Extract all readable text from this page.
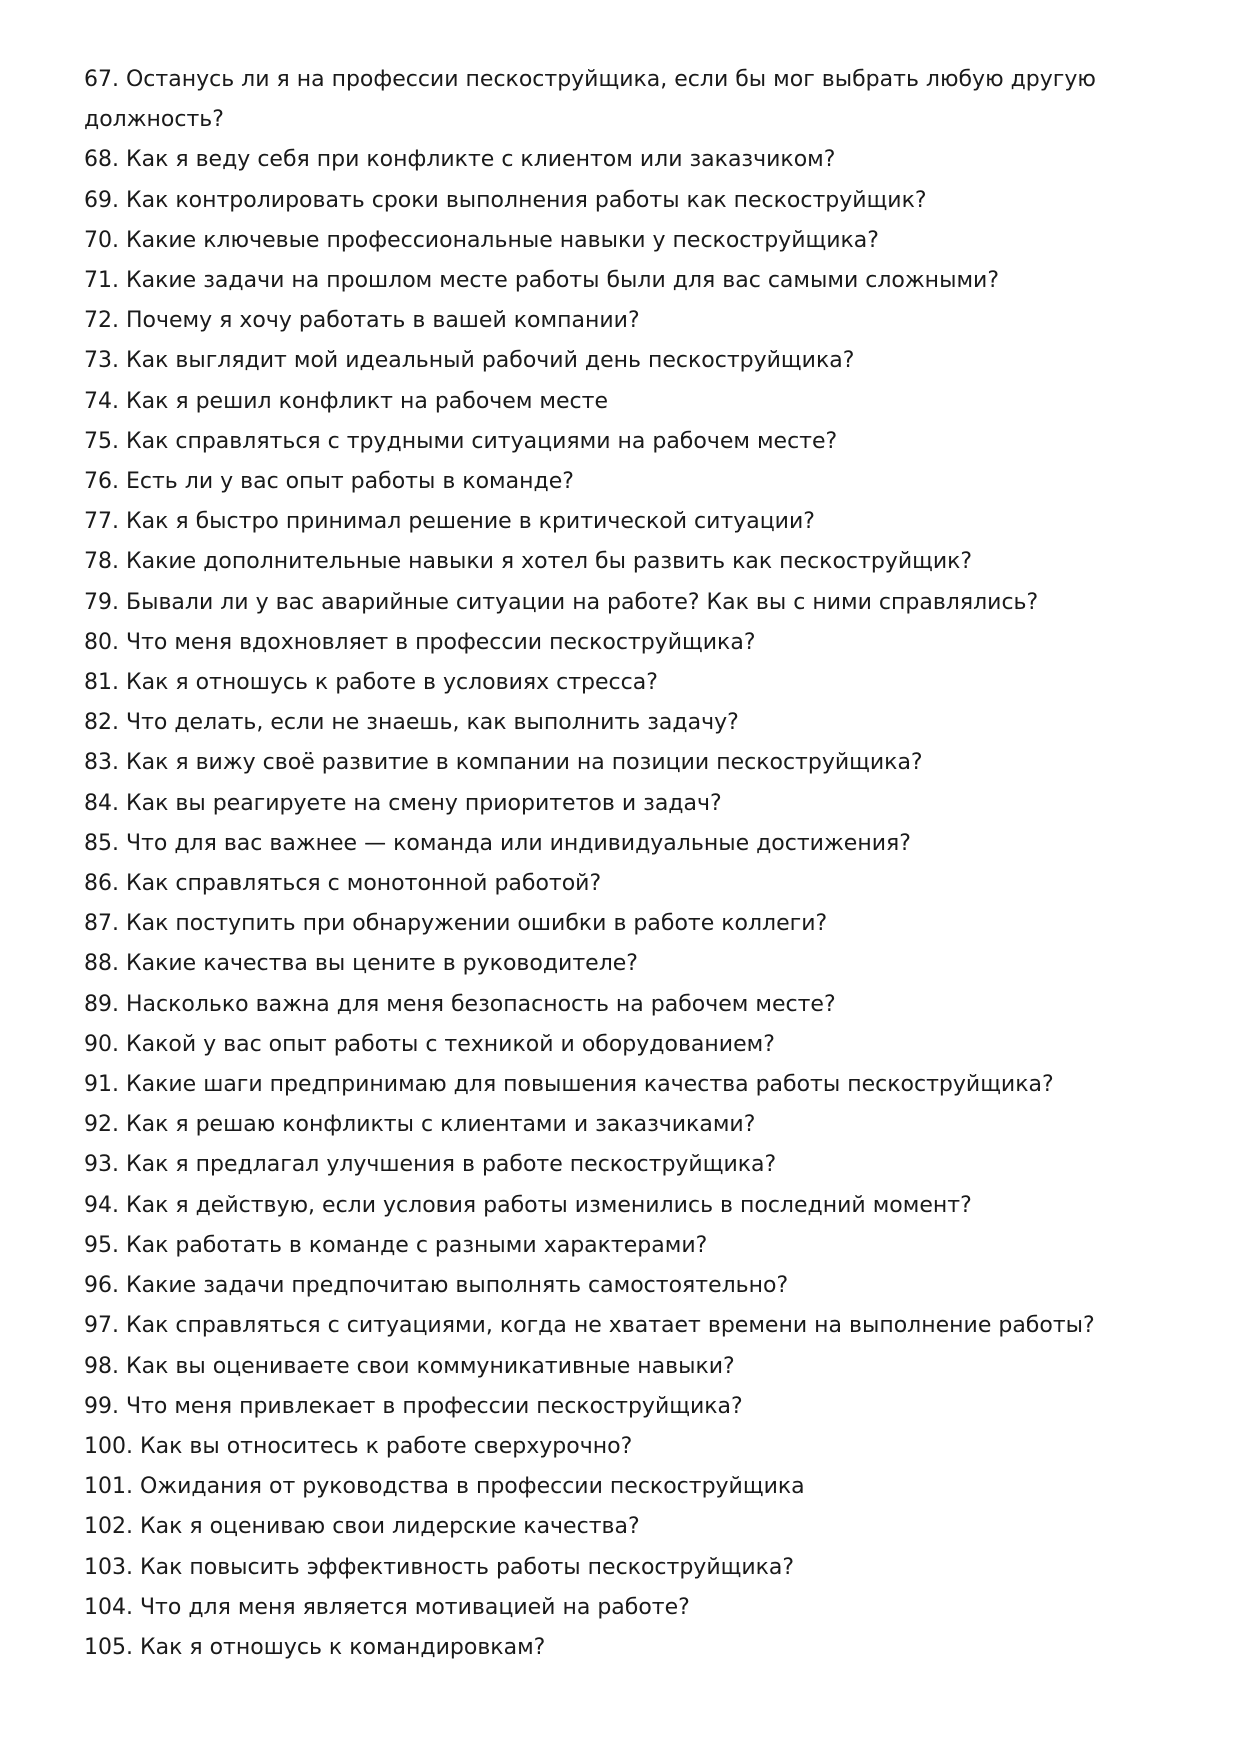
67. Останусь ли я на профессии пескоструйщика, если бы мог выбрать любую другую должность?
68. Как я веду себя при конфликте с клиентом или заказчиком?
69. Как контролировать сроки выполнения работы как пескоструйщик?
70. Какие ключевые профессиональные навыки у пескоструйщика?
71. Какие задачи на прошлом месте работы были для вас самыми сложными?
72. Почему я хочу работать в вашей компании?
73. Как выглядит мой идеальный рабочий день пескоструйщика?
74. Как я решил конфликт на рабочем месте
75. Как справляться с трудными ситуациями на рабочем месте?
76. Есть ли у вас опыт работы в команде?
77. Как я быстро принимал решение в критической ситуации?
78. Какие дополнительные навыки я хотел бы развить как пескоструйщик?
79. Бывали ли у вас аварийные ситуации на работе? Как вы с ними справлялись?
80. Что меня вдохновляет в профессии пескоструйщика?
81. Как я отношусь к работе в условиях стресса?
82. Что делать, если не знаешь, как выполнить задачу?
83. Как я вижу своё развитие в компании на позиции пескоструйщика?
84. Как вы реагируете на смену приоритетов и задач?
85. Что для вас важнее — команда или индивидуальные достижения?
86. Как справляться с монотонной работой?
87. Как поступить при обнаружении ошибки в работе коллеги?
88. Какие качества вы цените в руководителе?
89. Насколько важна для меня безопасность на рабочем месте?
90. Какой у вас опыт работы с техникой и оборудованием?
91. Какие шаги предпринимаю для повышения качества работы пескоструйщика?
92. Как я решаю конфликты с клиентами и заказчиками?
93. Как я предлагал улучшения в работе пескоструйщика?
94. Как я действую, если условия работы изменились в последний момент?
95. Как работать в команде с разными характерами?
96. Какие задачи предпочитаю выполнять самостоятельно?
97. Как справляться с ситуациями, когда не хватает времени на выполнение работы?
98. Как вы оцениваете свои коммуникативные навыки?
99. Что меня привлекает в профессии пескоструйщика?
100. Как вы относитесь к работе сверхурочно?
101. Ожидания от руководства в профессии пескоструйщика
102. Как я оцениваю свои лидерские качества?
103. Как повысить эффективность работы пескоструйщика?
104. Что для меня является мотивацией на работе?
105. Как я отношусь к командировкам?
